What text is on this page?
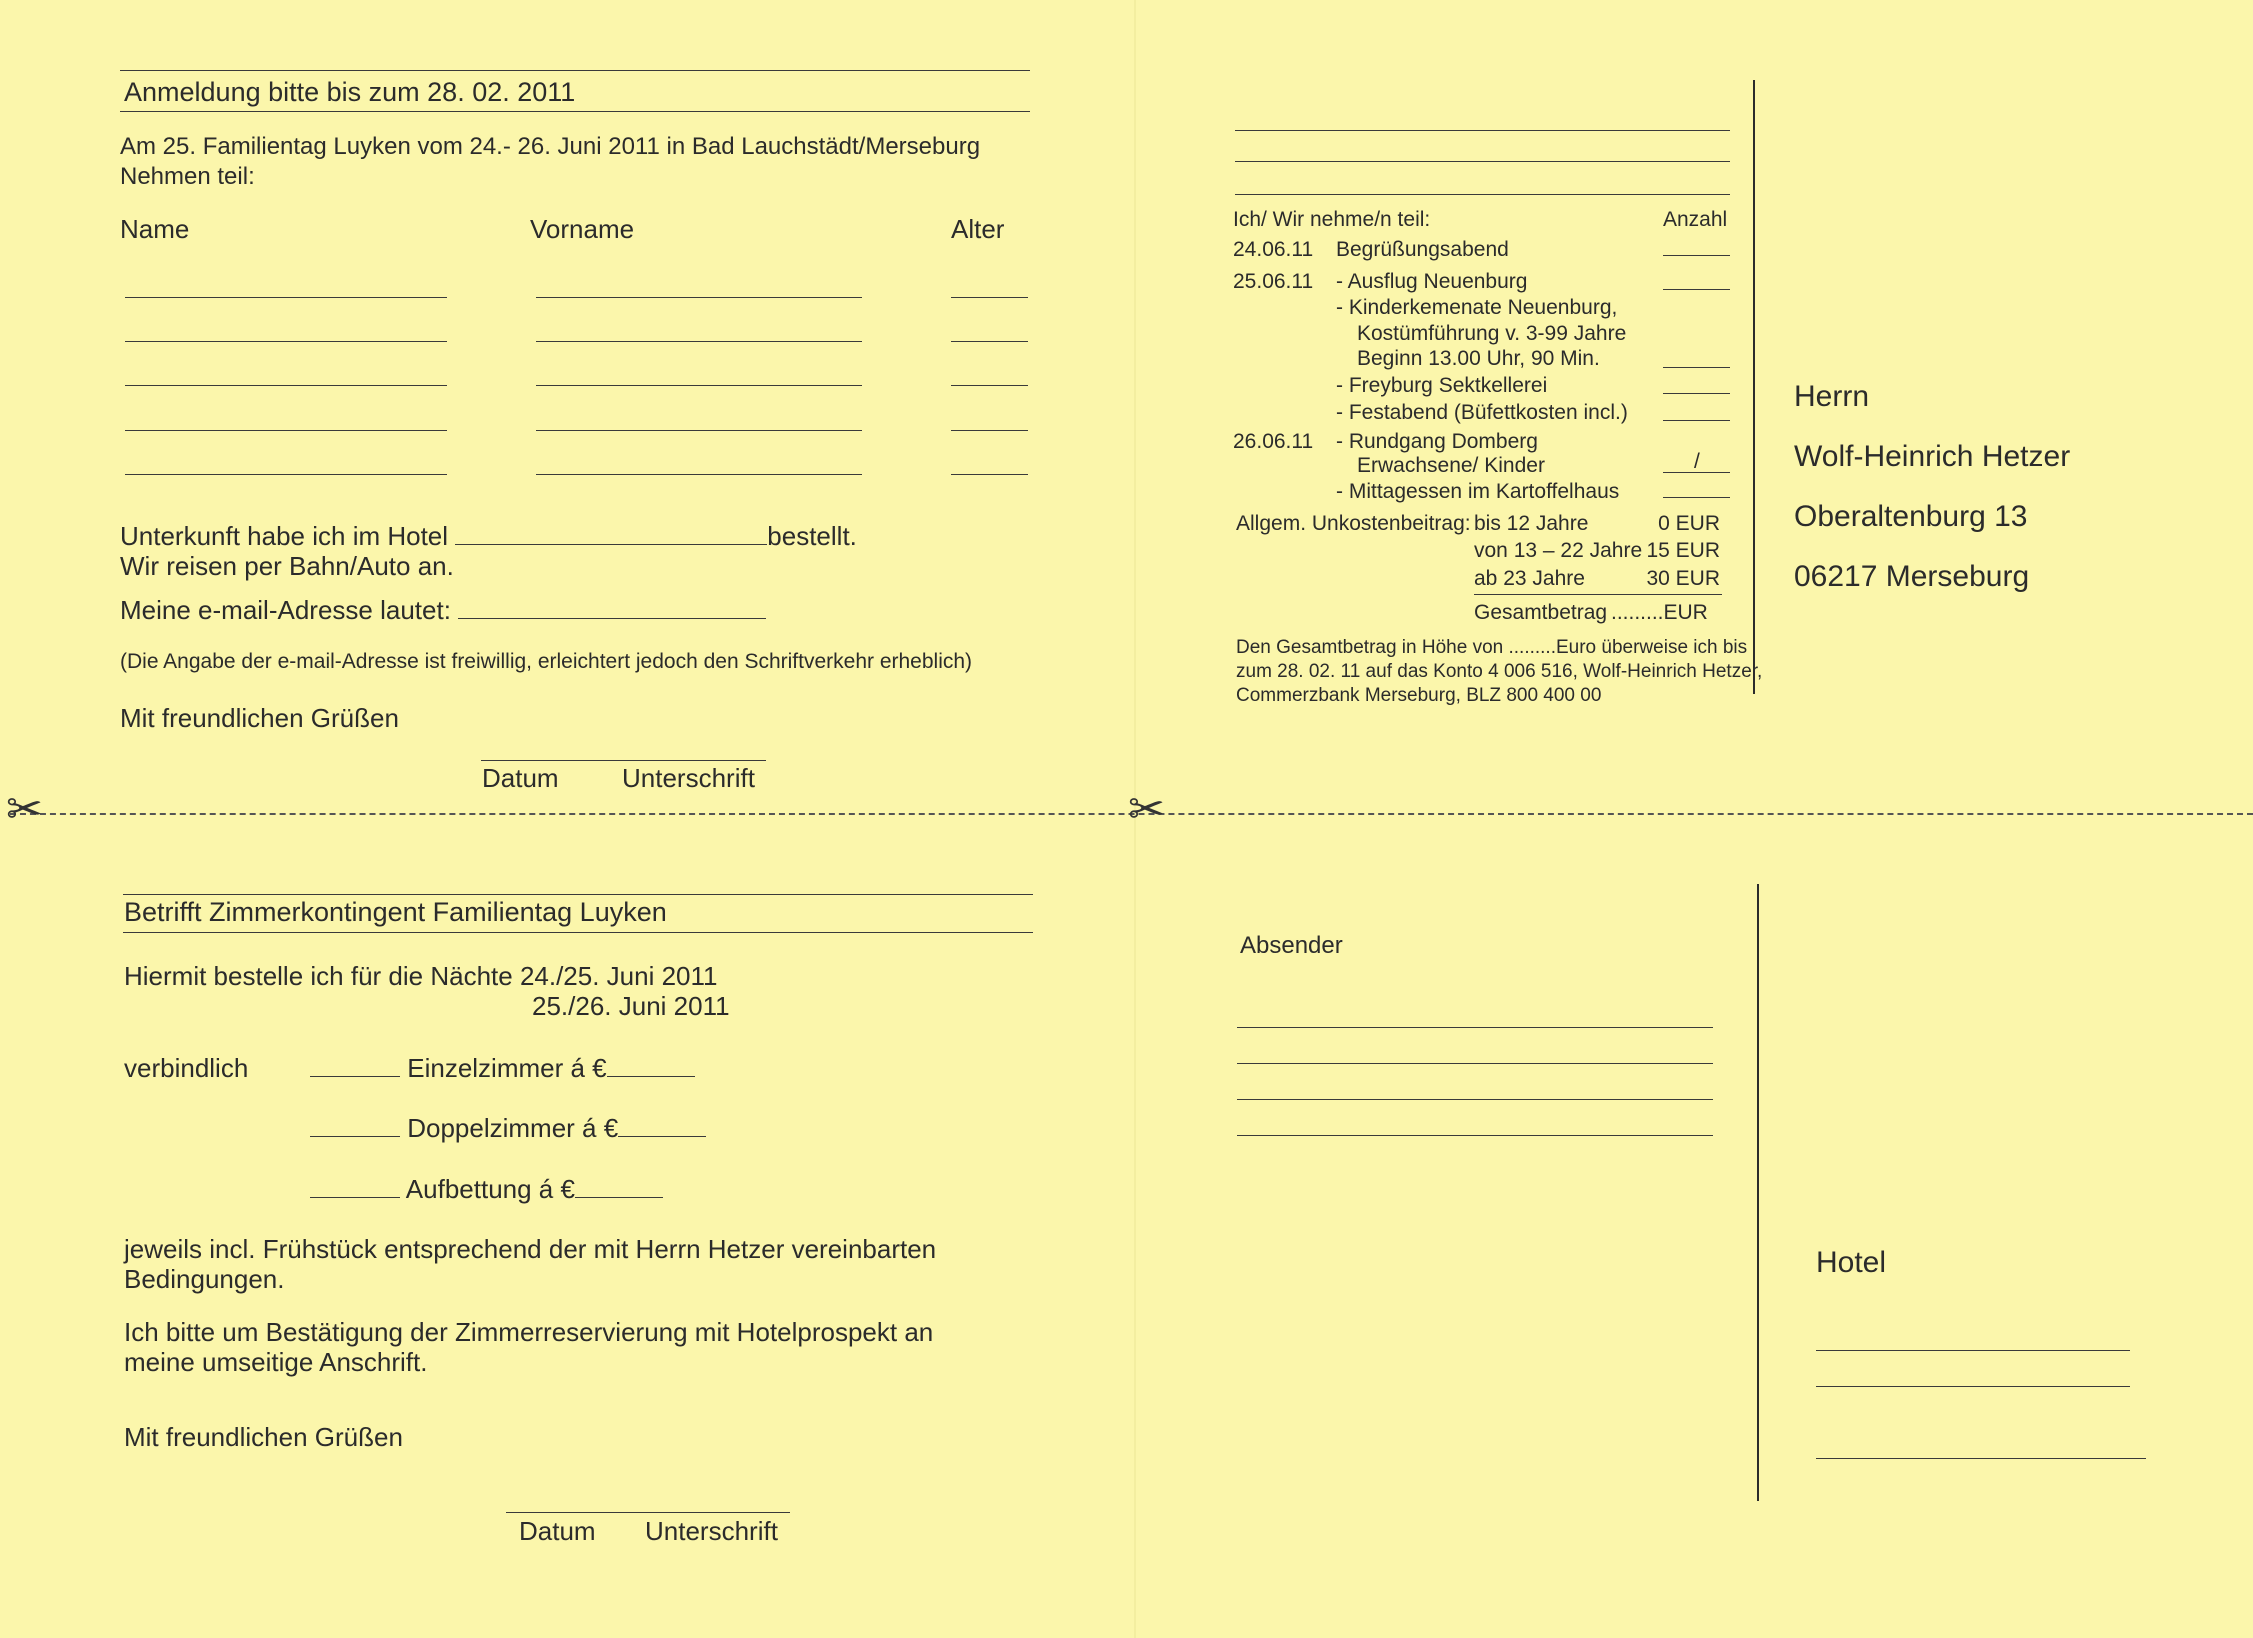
Anmeldung bitte bis zum 28. 02. 2011
Am 25. Familientag Luyken vom 24.- 26. Juni 2011 in Bad Lauchstädt/Merseburg
Nehmen teil:
Name	Vorname	Alter
Unterkunft habe ich im Hotel	bestellt.
Wir reisen per Bahn/Auto an.
Meine e-mail-Adresse lautet:
(Die Angabe der e-mail-Adresse ist freiwillig, erleichtert jedoch den Schriftverkehr erheblich)
Mit freundlichen Grüßen
Datum Unterschrift
Ich/ Wir nehme/n teil:	Anzahl
24.06.11 Begrüßungsabend
25.06.11 - Ausflug Neuenburg
- Kinderkemenate Neuenburg,
Kostümführung v. 3-99 Jahre
Beginn 13.00 Uhr, 90 Min.
- Freyburg Sektkellerei
- Festabend (Büfettkosten incl.)
26.06.11 - Rundgang Domberg
Erwachsene/ Kinder	/
- Mittagessen im Kartoffelhaus
Allgem. Unkostenbeitrag: bis 12 Jahre	0 EUR
von 13 – 22 Jahre 15 EUR
ab 23 Jahre	30 EUR
Gesamtbetrag .........EUR
Den Gesamtbetrag in Höhe von .........Euro überweise ich bis
zum 28. 02. 11 auf das Konto 4 006 516, Wolf-Heinrich Hetzer,
Commerzbank Merseburg, BLZ 800 400 00
Herrn
Wolf-Heinrich Hetzer
Oberaltenburg 13
06217 Merseburg
✂	✂
Betrifft Zimmerkontingent Familientag Luyken
Hiermit bestelle ich für die Nächte 24./25. Juni 2011
25./26. Juni 2011
verbindlich	Einzelzimmer á €
Doppelzimmer á €
Aufbettung á €
jeweils incl. Frühstück entsprechend der mit Herrn Hetzer vereinbarten
Bedingungen.
Ich bitte um Bestätigung der Zimmerreservierung mit Hotelprospekt an
meine umseitige Anschrift.
Mit freundlichen Grüßen
Datum Unterschrift
Absender
Hotel
